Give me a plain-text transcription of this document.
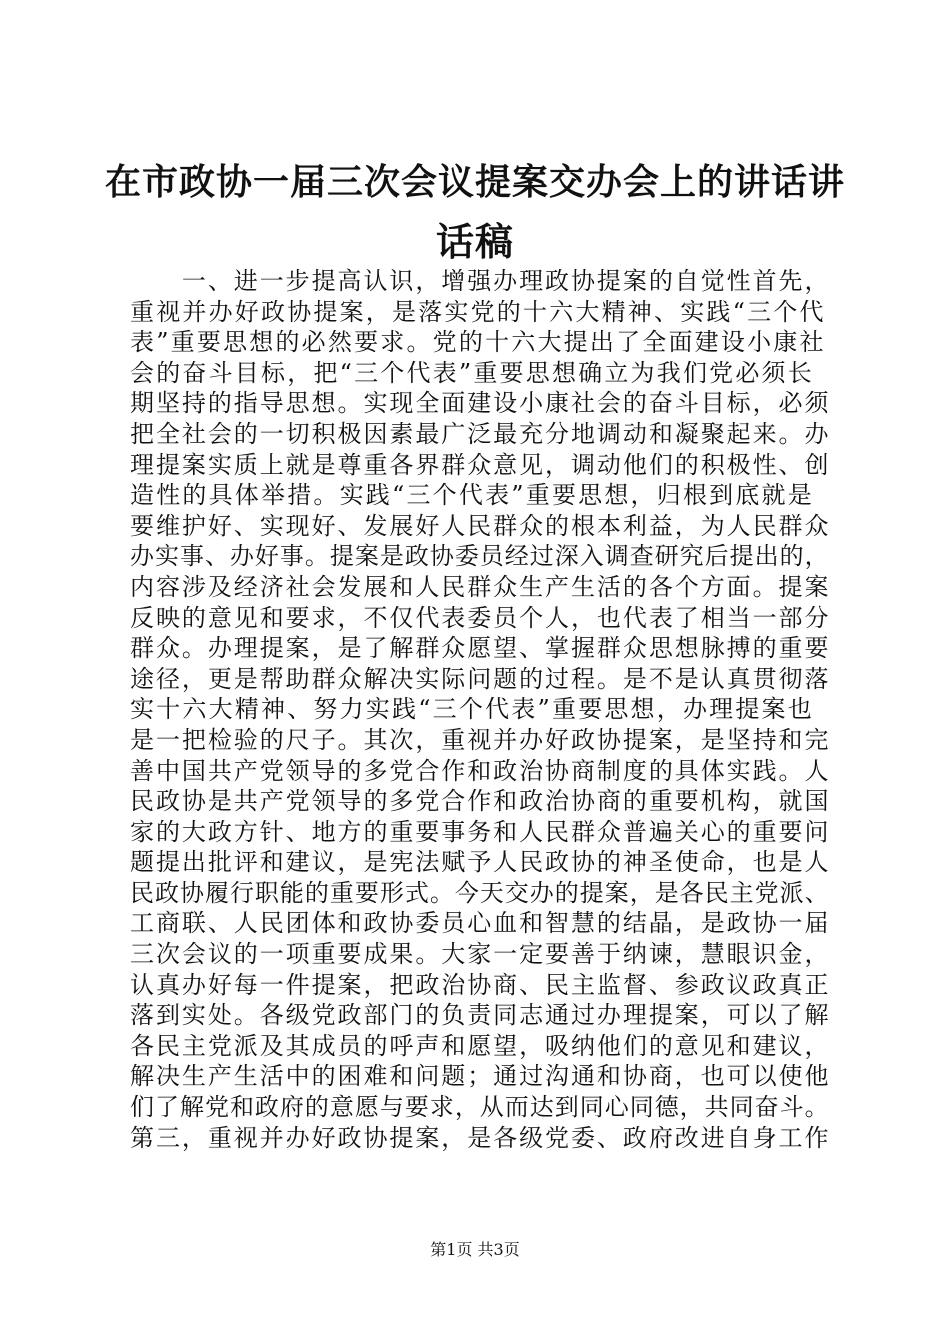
在市政协一届三次会议提案交办会上的讲话讲
话稿
　　一、进一步提高认识，增强办理政协提案的自觉性首先，
重视并办好政协提案，是落实党的十六大精神、实践“三个代
表”重要思想的必然要求。党的十六大提出了全面建设小康社
会的奋斗目标，把“三个代表”重要思想确立为我们党必须长
期坚持的指导思想。实现全面建设小康社会的奋斗目标，必须
把全社会的一切积极因素最广泛最充分地调动和凝聚起来。办
理提案实质上就是尊重各界群众意见，调动他们的积极性、创
造性的具体举措。实践“三个代表”重要思想，归根到底就是
要维护好、实现好、发展好人民群众的根本利益，为人民群众
办实事、办好事。提案是政协委员经过深入调查研究后提出的，
内容涉及经济社会发展和人民群众生产生活的各个方面。提案
反映的意见和要求，不仅代表委员个人，也代表了相当一部分
群众。办理提案，是了解群众愿望、掌握群众思想脉搏的重要
途径，更是帮助群众解决实际问题的过程。是不是认真贯彻落
实十六大精神、努力实践“三个代表”重要思想，办理提案也
是一把检验的尺子。其次，重视并办好政协提案，是坚持和完
善中国共产党领导的多党合作和政治协商制度的具体实践。人
民政协是共产党领导的多党合作和政治协商的重要机构，就国
家的大政方针、地方的重要事务和人民群众普遍关心的重要问
题提出批评和建议，是宪法赋予人民政协的神圣使命，也是人
民政协履行职能的重要形式。今天交办的提案，是各民主党派、
工商联、人民团体和政协委员心血和智慧的结晶，是政协一届
三次会议的一项重要成果。大家一定要善于纳谏，慧眼识金，
认真办好每一件提案，把政治协商、民主监督、参政议政真正
落到实处。各级党政部门的负责同志通过办理提案，可以了解
各民主党派及其成员的呼声和愿望，吸纳他们的意见和建议，
解决生产生活中的困难和问题；通过沟通和协商，也可以使他
们了解党和政府的意愿与要求，从而达到同心同德，共同奋斗。
第三，重视并办好政协提案，是各级党委、政府改进自身工作
第1页 共3页
